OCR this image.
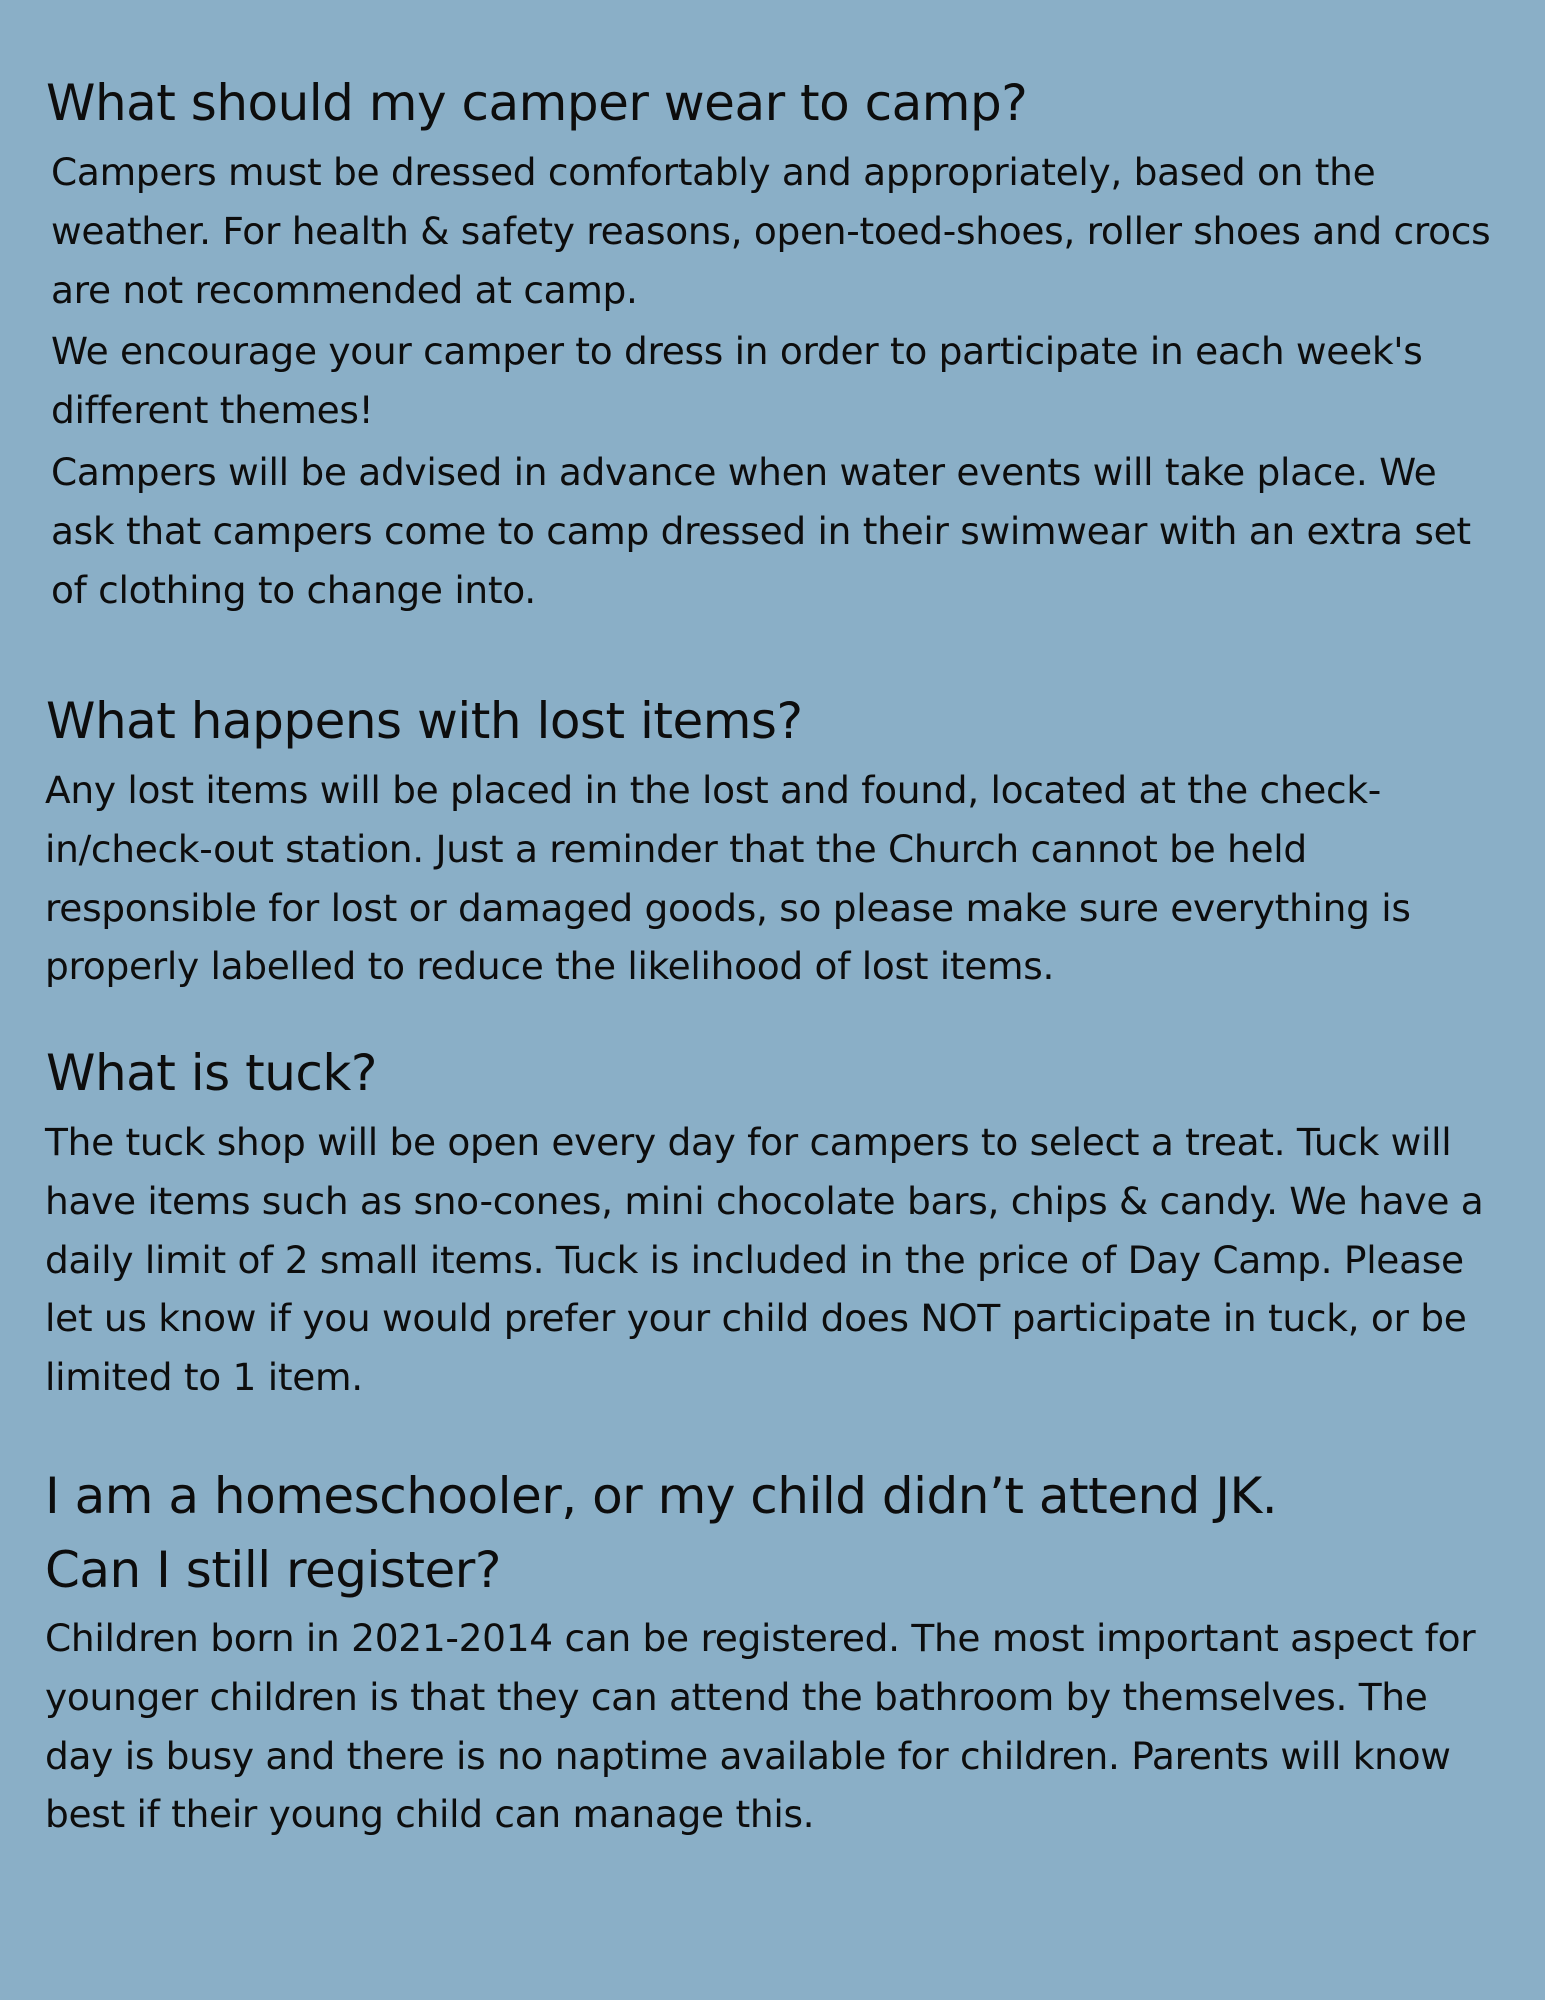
What should my camper wear to camp?

Campers must be dressed comfortably and appropriately, based on the weather. For health & safety reasons, open-toed-shoes, roller shoes and crocs are not recommended at camp.

We encourage your camper to dress in order to participate in each week's different themes!

Campers will be advised in advance when water events will take place. We ask that campers come to camp dressed in their swimwear with an extra set of clothing to change into.

What happens with lost items?

Any lost items will be placed in the lost and found, located at the check-in/check-out station. Just a reminder that the Church cannot be held responsible for lost or damaged goods, so please make sure everything is properly labelled to reduce the likelihood of lost items.

What is tuck?

The tuck shop will be open every day for campers to select a treat. Tuck will have items such as sno-cones, mini chocolate bars, chips & candy. We have a daily limit of 2 small items. Tuck is included in the price of Day Camp. Please let us know if you would prefer your child does NOT participate in tuck, or be limited to 1 item.

I am a homeschooler, or my child didn’t attend JK.
Can I still register?

Children born in 2021-2014 can be registered. The most important aspect for younger children is that they can attend the bathroom by themselves. The day is busy and there is no naptime available for children. Parents will know best if their young child can manage this.
